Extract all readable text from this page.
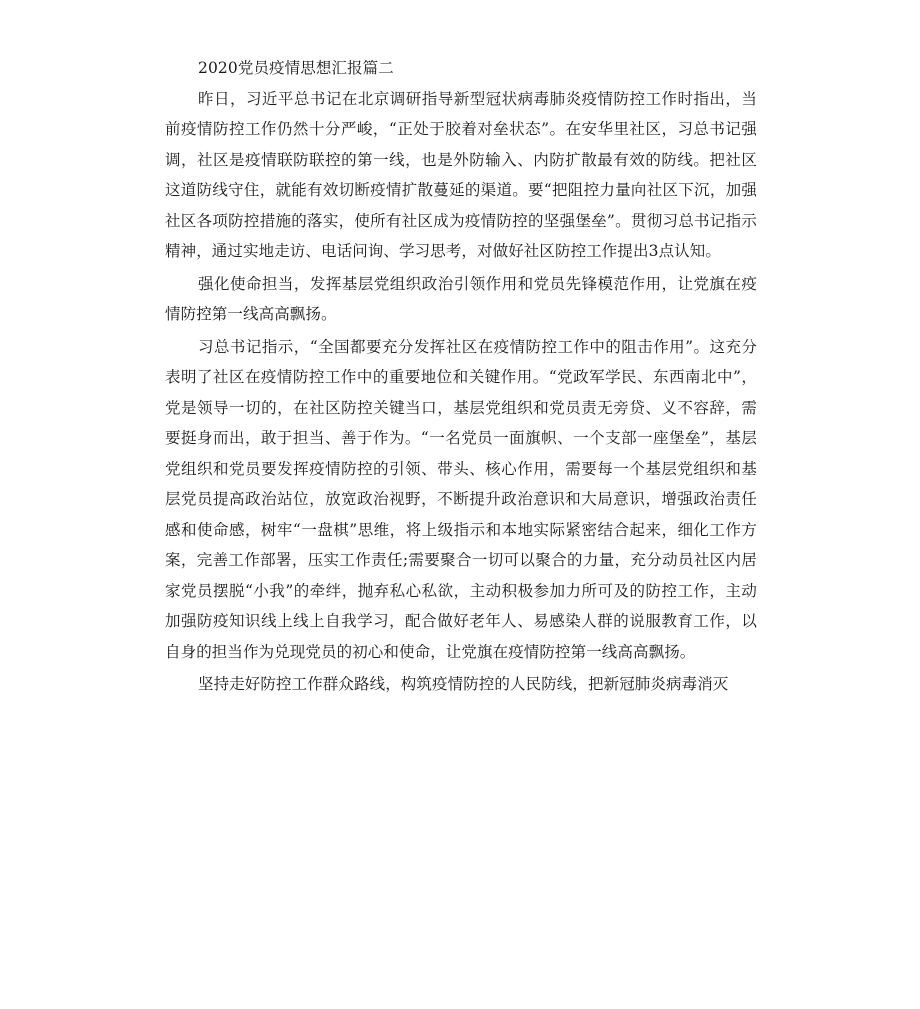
2020党员疫情思想汇报篇二

昨日，习近平总书记在北京调研指导新型冠状病毒肺炎疫情防控工作时指出，当前疫情防控工作仍然十分严峻，“正处于胶着对垒状态”。在安华里社区，习总书记强调，社区是疫情联防联控的第一线，也是外防输入、内防扩散最有效的防线。把社区这道防线守住，就能有效切断疫情扩散蔓延的渠道。要“把阻控力量向社区下沉，加强社区各项防控措施的落实，使所有社区成为疫情防控的坚强堡垒”。贯彻习总书记指示精神，通过实地走访、电话问询、学习思考，对做好社区防控工作提出3点认知。

强化使命担当，发挥基层党组织政治引领作用和党员先锋模范作用，让党旗在疫情防控第一线高高飘扬。

习总书记指示，“全国都要充分发挥社区在疫情防控工作中的阻击作用”。这充分表明了社区在疫情防控工作中的重要地位和关键作用。“党政军学民、东西南北中”，党是领导一切的，在社区防控关键当口，基层党组织和党员责无旁贷、义不容辞，需要挺身而出，敢于担当、善于作为。“一名党员一面旗帜、一个支部一座堡垒”，基层党组织和党员要发挥疫情防控的引领、带头、核心作用，需要每一个基层党组织和基层党员提高政治站位，放宽政治视野，不断提升政治意识和大局意识，增强政治责任感和使命感，树牢“一盘棋”思维，将上级指示和本地实际紧密结合起来，细化工作方案，完善工作部署，压实工作责任;需要聚合一切可以聚合的力量，充分动员社区内居家党员摆脱“小我”的牵绊，抛弃私心私欲，主动积极参加力所可及的防控工作，主动加强防疫知识线上线上自我学习，配合做好老年人、易感染人群的说服教育工作，以自身的担当作为兑现党员的初心和使命，让党旗在疫情防控第一线高高飘扬。

坚持走好防控工作群众路线，构筑疫情防控的人民防线，把新冠肺炎病毒消灭
